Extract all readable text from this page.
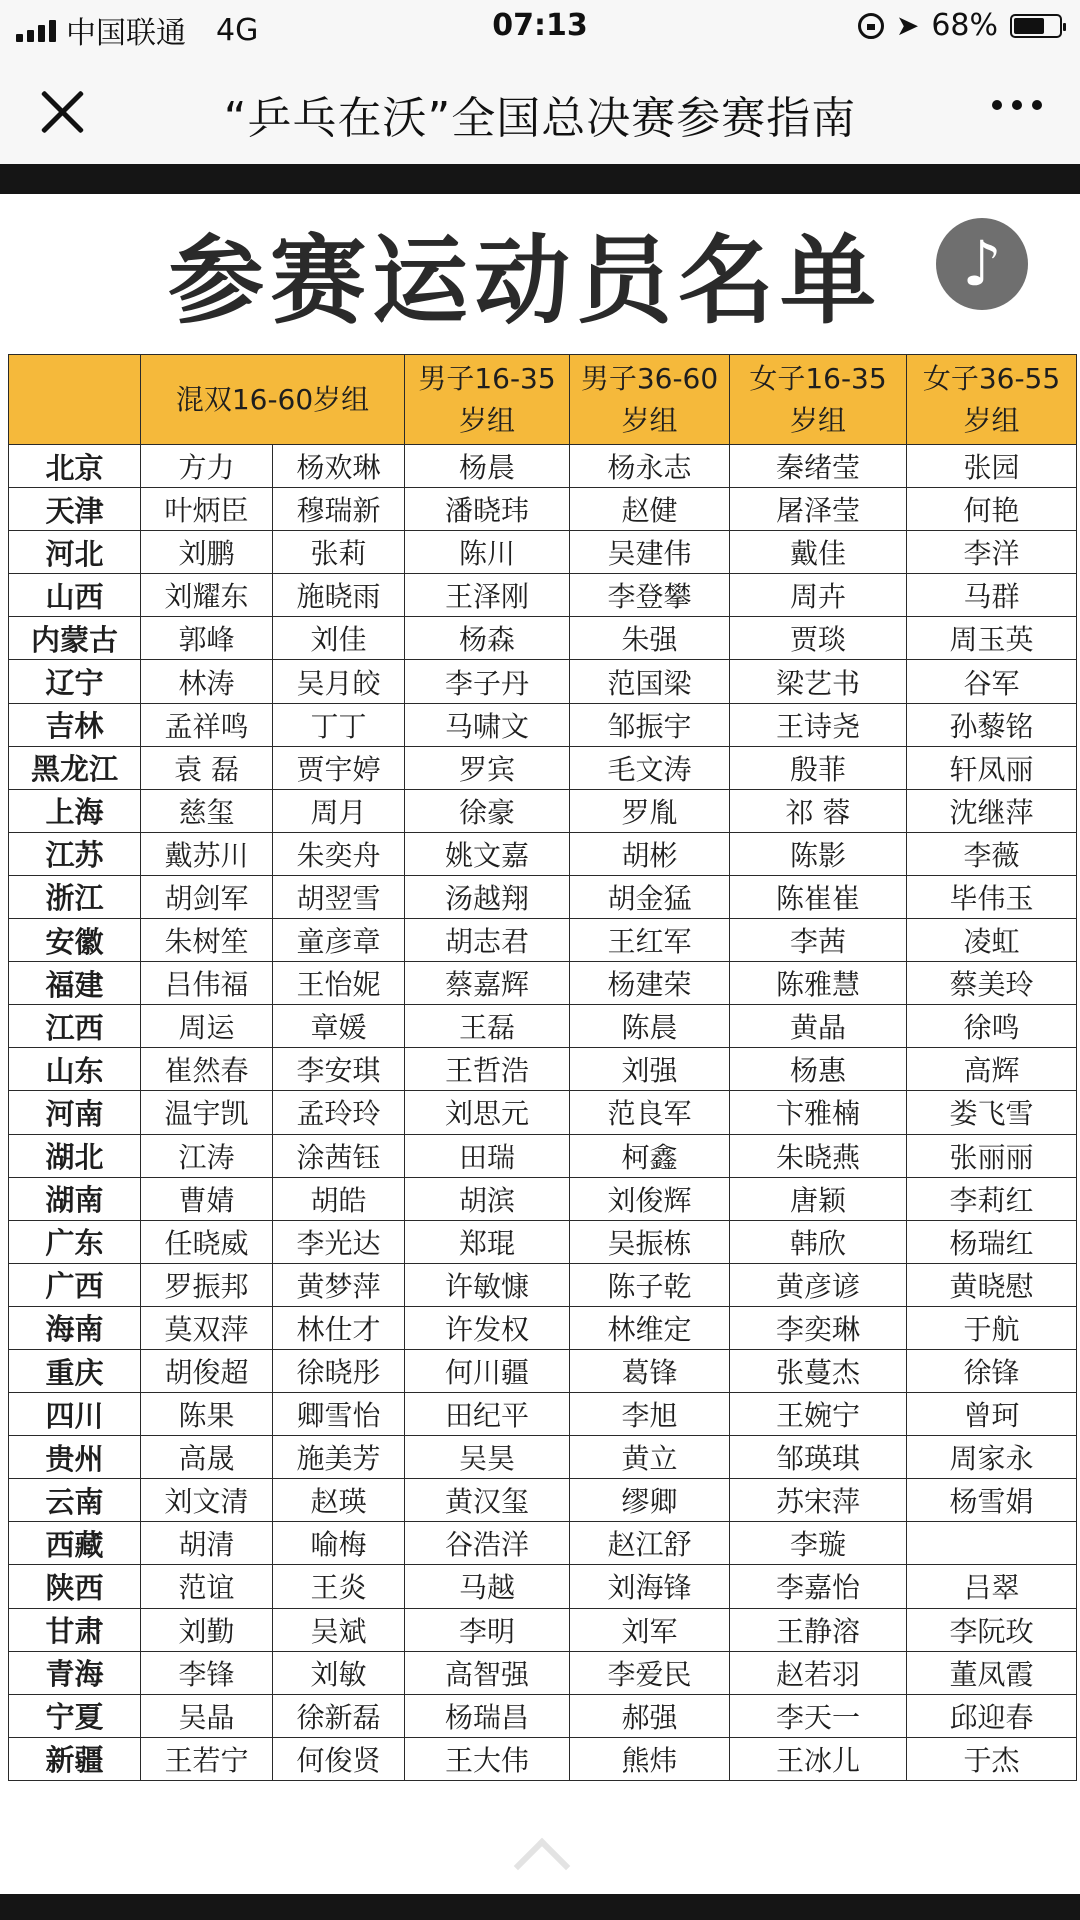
中国联通 4G	07:13	➤ 68%
“乒乓在沃”全国总决赛参赛指南
参赛运动员名单	♪
	混双16-60岁组		男子16-35
岁组	男子36-60
岁组	女子16-35
岁组	女子36-55
岁组
北京	方力	杨欢琳	杨晨	杨永志	秦绪莹	张园
天津	叶炳臣	穆瑞新	潘晓玮	赵健	屠泽莹	何艳
河北	刘鹏	张莉	陈川	吴建伟	戴佳	李洋
山西	刘耀东	施晓雨	王泽刚	李登攀	周卉	马群
内蒙古	郭峰	刘佳	杨森	朱强	贾琰	周玉英
辽宁	林涛	吴月皎	李子丹	范国梁	梁艺书	谷军
吉林	孟祥鸣	丁丁	马啸文	邹振宇	王诗尧	孙藜铭
黑龙江	袁 磊	贾宇婷	罗宾	毛文涛	殷菲	轩凤丽
上海	慈玺	周月	徐豪	罗胤	祁 蓉	沈继萍
江苏	戴苏川	朱奕舟	姚文嘉	胡彬	陈影	李薇
浙江	胡剑军	胡翌雪	汤越翔	胡金猛	陈崔崔	毕伟玉
安徽	朱树笙	童彦章	胡志君	王红军	李茜	凌虹
福建	吕伟福	王怡妮	蔡嘉辉	杨建荣	陈雅慧	蔡美玲
江西	周运	章媛	王磊	陈晨	黄晶	徐鸣
山东	崔然春	李安琪	王哲浩	刘强	杨惠	高辉
河南	温宇凯	孟玲玲	刘思元	范良军	卞雅楠	娄飞雪
湖北	江涛	涂茜钰	田瑞	柯鑫	朱晓燕	张丽丽
湖南	曹婧	胡皓	胡滨	刘俊辉	唐颖	李莉红
广东	任晓威	李光达	郑琨	吴振栋	韩欣	杨瑞红
广西	罗振邦	黄梦萍	许敏慷	陈子乾	黄彦谚	黄晓慰
海南	莫双萍	林仕才	许发权	林维定	李奕琳	于航
重庆	胡俊超	徐晓彤	何川疆	葛锋	张蔓杰	徐锋
四川	陈果	卿雪怡	田纪平	李旭	王婉宁	曾珂
贵州	高晟	施美芳	吴昊	黄立	邹瑛琪	周家永
云南	刘文清	赵瑛	黄汉玺	缪卿	苏宋萍	杨雪娟
西藏	胡清	喻梅	谷浩洋	赵江舒	李璇	
陕西	范谊	王炎	马越	刘海锋	李嘉怡	吕翠
甘肃	刘勤	吴斌	李明	刘军	王静溶	李阮玫
青海	李锋	刘敏	高智强	李爱民	赵若羽	董凤霞
宁夏	吴晶	徐新磊	杨瑞昌	郝强	李天一	邱迎春
新疆	王若宁	何俊贤	王大伟	熊炜	王冰儿	于杰
